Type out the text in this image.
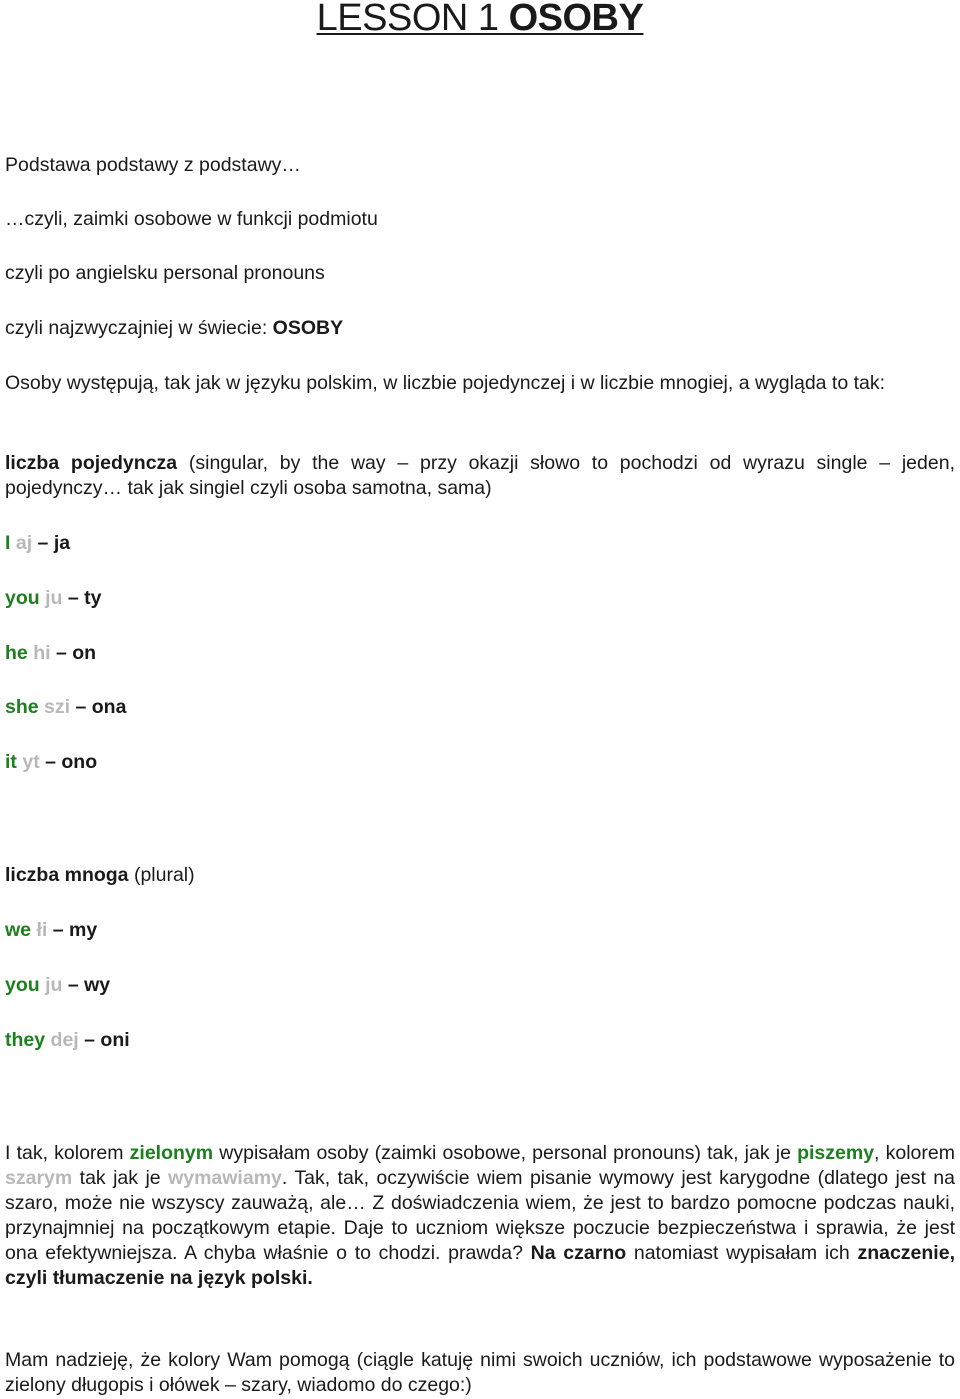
LESSON 1 OSOBY

Podstawa podstawy z podstawy…

…czyli, zaimki osobowe w funkcji podmiotu

czyli po angielsku personal pronouns

czyli najzwyczajniej w świecie: OSOBY

Osoby występują, tak jak w języku polskim, w liczbie pojedynczej i w liczbie mnogiej, a wygląda to tak:

liczba pojedyncza (singular, by the way – przy okazji słowo to pochodzi od wyrazu single – jeden, pojedynczy… tak jak singiel czyli osoba samotna, sama)

I aj – ja

you ju – ty

he hi – on

she szi – ona

it yt – ono

liczba mnoga (plural)

we łi – my

you ju – wy

they dej – oni

I tak, kolorem zielonym wypisałam osoby (zaimki osobowe, personal pronouns) tak, jak je piszemy, kolorem szarym tak jak je wymawiamy. Tak, tak, oczywiście wiem pisanie wymowy jest karygodne (dlatego jest na szaro, może nie wszyscy zauważą, ale… Z doświadczenia wiem, że jest to bardzo pomocne podczas nauki, przynajmniej na początkowym etapie. Daje to uczniom większe poczucie bezpieczeństwa i sprawia, że jest ona efektywniejsza. A chyba właśnie o to chodzi. prawda? Na czarno natomiast wypisałam ich znaczenie, czyli tłumaczenie na język polski.

Mam nadzieję, że kolory Wam pomogą (ciągle katuję nimi swoich uczniów, ich podstawowe wyposażenie to zielony długopis i ołówek – szary, wiadomo do czego:)
